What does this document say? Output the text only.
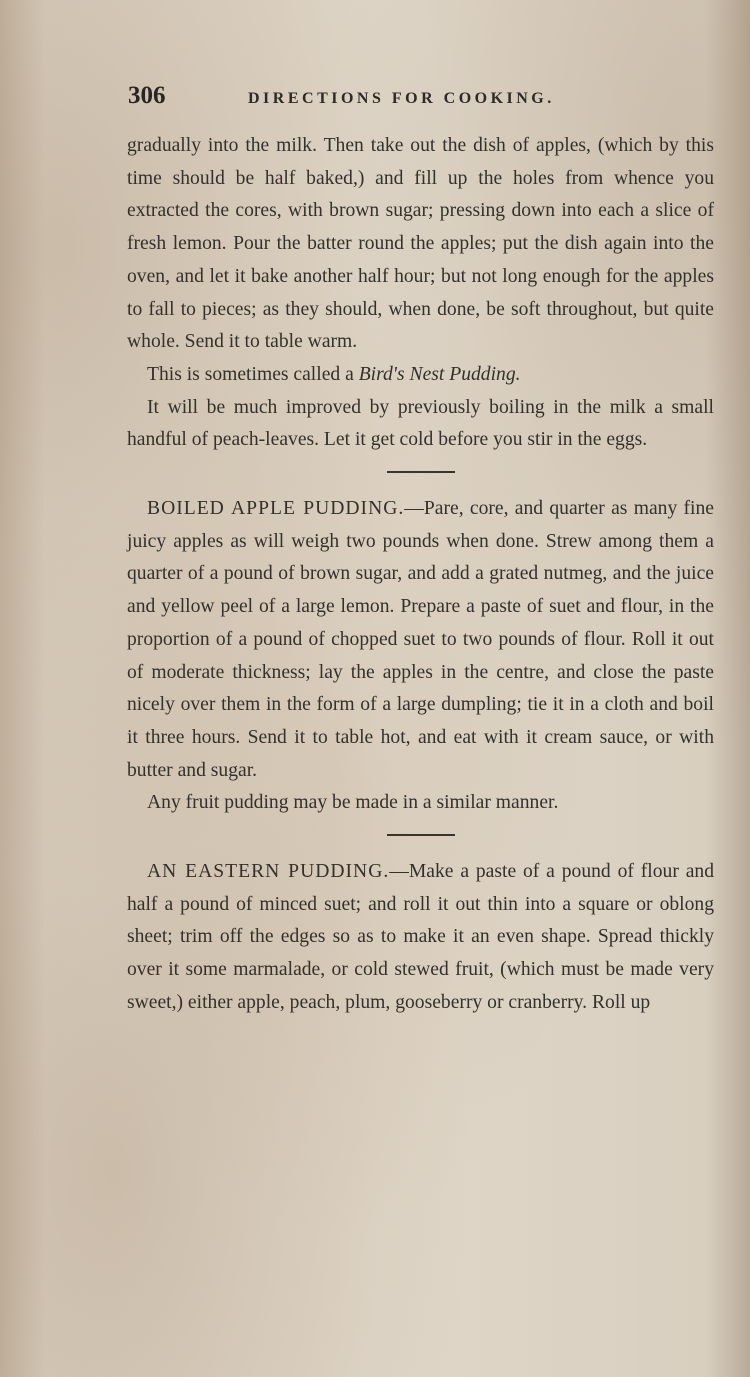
306	DIRECTIONS FOR COOKING.

gradually into the milk. Then take out the dish of apples, (which by this time should be half baked,) and fill up the holes from whence you extracted the cores, with brown sugar; pressing down into each a slice of fresh lemon. Pour the batter round the apples; put the dish again into the oven, and let it bake another half hour; but not long enough for the apples to fall to pieces; as they should, when done, be soft throughout, but quite whole. Send it to table warm.

This is sometimes called a Bird's Nest Pudding.

It will be much improved by previously boiling in the milk a small handful of peach-leaves. Let it get cold before you stir in the eggs.

BOILED APPLE PUDDING.—Pare, core, and quarter as many fine juicy apples as will weigh two pounds when done. Strew among them a quarter of a pound of brown sugar, and add a grated nutmeg, and the juice and yellow peel of a large lemon. Prepare a paste of suet and flour, in the proportion of a pound of chopped suet to two pounds of flour. Roll it out of moderate thickness; lay the apples in the centre, and close the paste nicely over them in the form of a large dumpling; tie it in a cloth and boil it three hours. Send it to table hot, and eat with it cream sauce, or with butter and sugar.

Any fruit pudding may be made in a similar manner.

AN EASTERN PUDDING.—Make a paste of a pound of flour and half a pound of minced suet; and roll it out thin into a square or oblong sheet; trim off the edges so as to make it an even shape. Spread thickly over it some marmalade, or cold stewed fruit, (which must be made very sweet,) either apple, peach, plum, gooseberry or cranberry. Roll up
